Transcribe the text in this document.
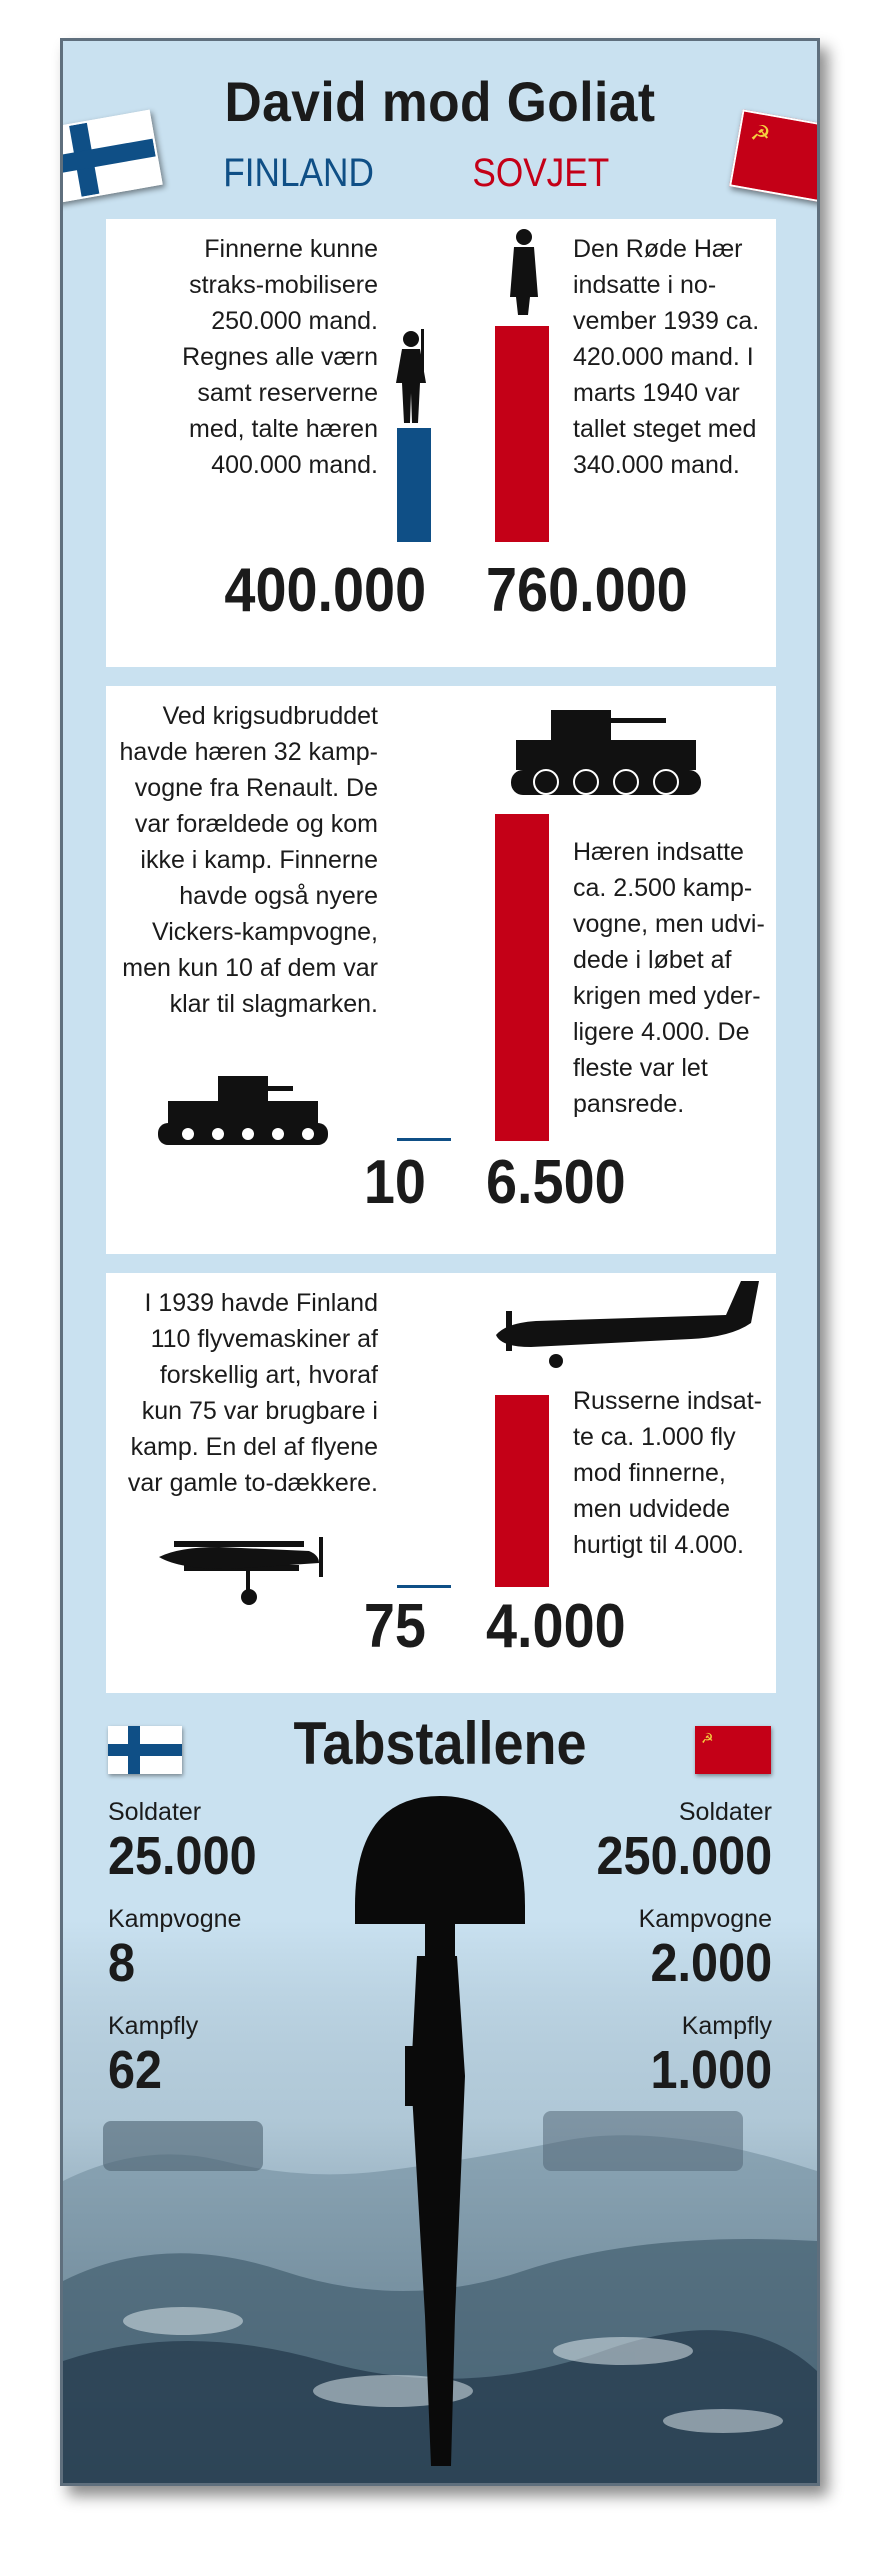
David mod Goliat
☭
FINLAND SOVJET
Finnerne kunne
straks-mobilisere
250.000 mand.
Regnes alle værn
samt reserverne
med, talte hæren
400.000 mand.
Den Røde Hær
indsatte i no-
vember 1939 ca.
420.000 mand. I
marts 1940 var
tallet steget med
340.000 mand.
400.000 760.000
Ved krigsudbruddet
havde hæren 32 kamp-
vogne fra Renault. De
var forældede og kom
ikke i kamp. Finnerne
havde også nyere
Vickers-kampvogne,
men kun 10 af dem var
klar til slagmarken.
Hæren indsatte
ca. 2.500 kamp-
vogne, men udvi-
dede i løbet af
krigen med yder-
ligere 4.000. De
fleste var let
pansrede.
10 6.500
I 1939 havde Finland
110 flyvemaskiner af
forskellig art, hvoraf
kun 75 var brugbare i
kamp. En del af flyene
var gamle to-dækkere.
Russerne indsat-
te ca. 1.000 fly
mod finnerne,
men udvidede
hurtigt til 4.000.
75 4.000
Tabstallene	☭
Soldater
25.000
Kampvogne
8
Kampfly
62
Soldater
250.000
Kampvogne
2.000
Kampfly
1.000
